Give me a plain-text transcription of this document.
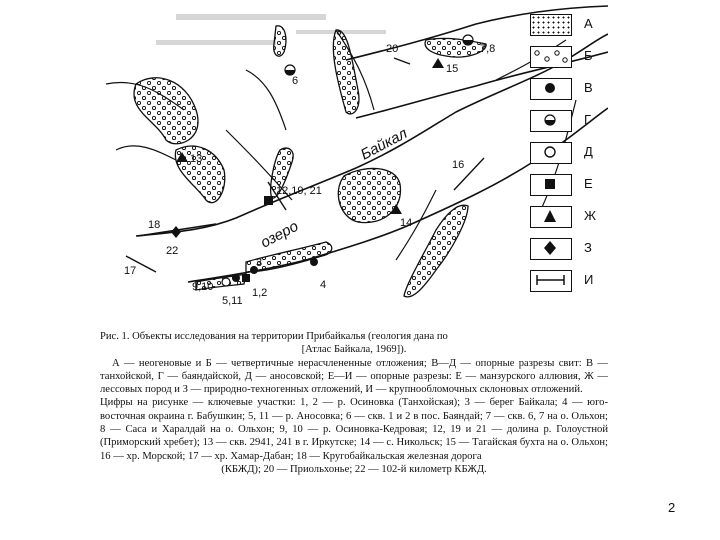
Байкал
озеро
7,8
20
15
6
13	16
12,19, 21
14
18
22
17
9,10
3
4
5,11
1,2
А
Б
В
Г
Д
Е
Ж
З
И

Рис. 1. Объекты исследования на территории Прибайкалья (геология дана по

[Атлас Байкала, 1969]).

А — неогеновые и Б — четвертичные нерасчлененные отложения; В—Д — опорные разрезы свит: В — танхойской, Г — баяндайской, Д — аносовской; Е—И — опорные разрезы: Е — манзурского аллювия, Ж — лессовых пород и З — природно-техногенных отложений, И — крупнообломочных склоновых отложений.

Цифры на рисунке — ключевые участки: 1, 2 — р. Осиновка (Танхойская); 3 — берег Байкала; 4 — юго-восточная окраина г. Бабушкин; 5, 11 — р. Аносовка; 6 — скв. 1 и 2 в пос. Баяндай; 7 — скв. 6, 7 на о. Ольхон; 8 — Саса и Харалдай на о. Ольхон; 9, 10 — р. Осиновка-Кедровая; 12, 19 и 21 — долина р. Голоустной (Приморский хребет); 13 — скв. 2941, 241 в г. Иркутске; 14 — с. Никольск; 15 — Тагайская бухта на о. Ольхон; 16 — хр. Морской; 17 — хр. Хамар-Дабан; 18 — Кругобайкальская железная дорога

(КБЖД); 20 — Приольхонье; 22 — 102-й километр КБЖД.

2
